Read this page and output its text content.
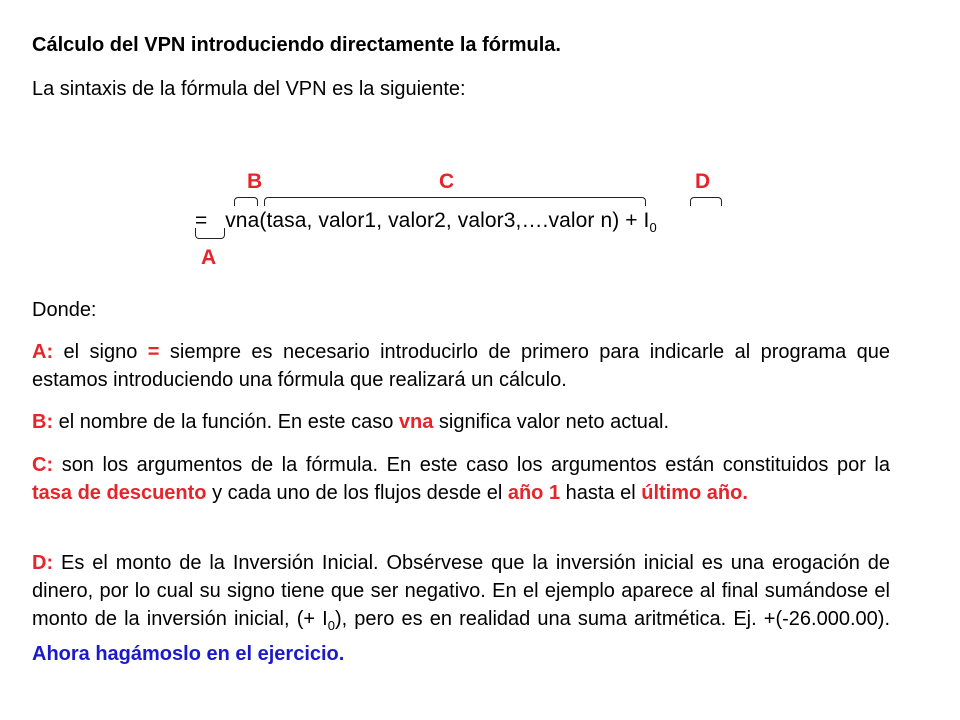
Cálculo del VPN introduciendo directamente la fórmula.
La sintaxis de la fórmula del VPN es la siguiente:
B	C	D
A
= vna(tasa, valor1, valor2, valor3,….valor $n) + I_0$
Donde:
A: el signo = siempre es necesario introducirlo de primero para indicarle al programa que estamos introduciendo una fórmula que realizará un cálculo.
B: el nombre de la función. En este caso vna significa valor neto actual.
C: son los argumentos de la fórmula. En este caso los argumentos están constituidos por la tasa de descuento y cada uno de los flujos desde el año 1 hasta el último año.
D: Es el monto de la Inversión Inicial. Obsérvese que la inversión inicial es una erogación de dinero, por lo cual su signo tiene que ser negativo. En el ejemplo aparece al final sumándose el monto de la inversión inicial, (+ $I_0$), pero es en realidad una suma aritmética. Ej. +(-26.000.00). Ahora hagámoslo en el ejercicio.
